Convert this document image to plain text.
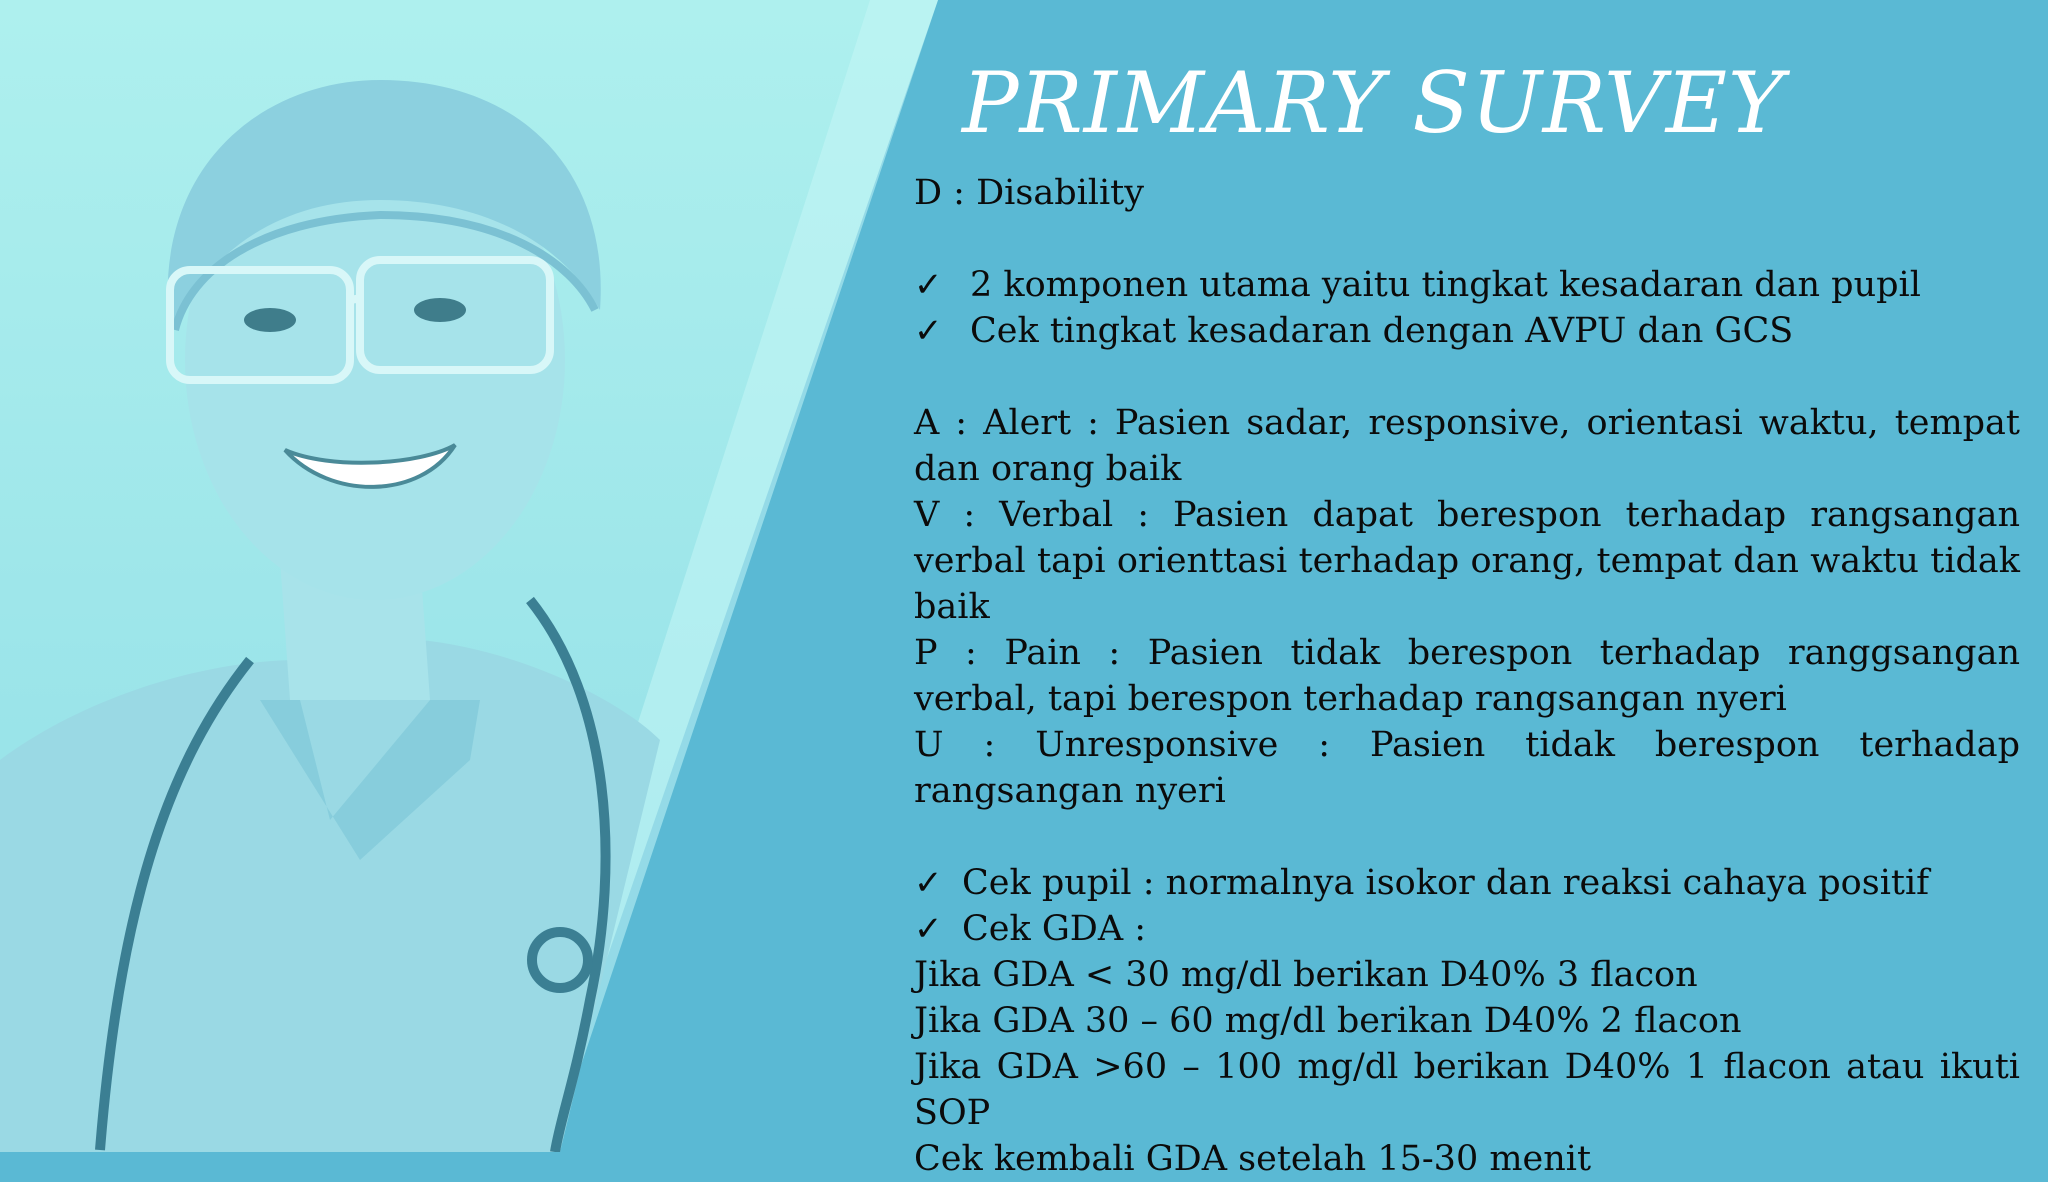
PRIMARY SURVEY
D : Disability
✓ 2 komponen utama yaitu tingkat kesadaran dan pupil
✓ Cek tingkat kesadaran dengan AVPU dan GCS
A : Alert : Pasien sadar, responsive, orientasi waktu, tempat dan orang baik
V : Verbal : Pasien dapat berespon terhadap rangsangan verbal tapi orienttasi terhadap orang, tempat dan waktu tidak baik
P : Pain : Pasien tidak berespon terhadap ranggsangan verbal, tapi berespon terhadap rangsangan nyeri
U : Unresponsive : Pasien tidak berespon terhadap rangsangan nyeri
✓ Cek pupil : normalnya isokor dan reaksi cahaya positif
✓ Cek GDA :
Jika GDA < 30 mg/dl berikan D40% 3 flacon
Jika GDA 30 – 60 mg/dl berikan D40% 2 flacon
Jika GDA >60 – 100 mg/dl berikan D40% 1 flacon atau ikuti SOP
Cek kembali GDA setelah 15-30 menit
